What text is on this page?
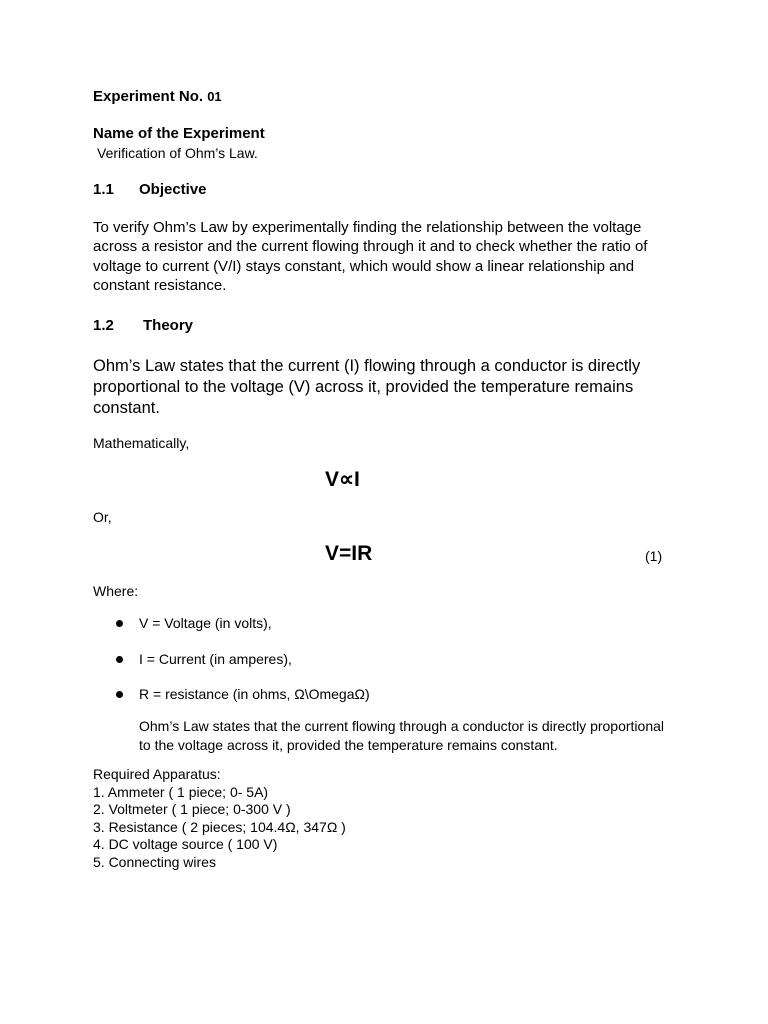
Experiment No. 01
Name of the Experiment
Verification of Ohm’s Law.
1.1 Objective
To verify Ohm’s Law by experimentally finding the relationship between the voltage across a resistor and the current flowing through it and to check whether the ratio of voltage to current (V/I) stays constant, which would show a linear relationship and constant resistance.
1.2 Theory
Ohm’s Law states that the current (I) flowing through a conductor is directly proportional to the voltage (V) across it, provided the temperature remains constant.
Mathematically,
V∝I
Or,
V=IR	(1)
Where:
V = Voltage (in volts),
I = Current (in amperes),
R = resistance (in ohms, Ω\OmegaΩ)
Ohm’s Law states that the current flowing through a conductor is directly proportional to the voltage across it, provided the temperature remains constant.
Required Apparatus:
1. Ammeter ( 1 piece; 0- 5A)
2. Voltmeter ( 1 piece; 0-300 V )
3. Resistance ( 2 pieces; 104.4Ω, 347Ω )
4. DC voltage source ( 100 V)
5. Connecting wires
